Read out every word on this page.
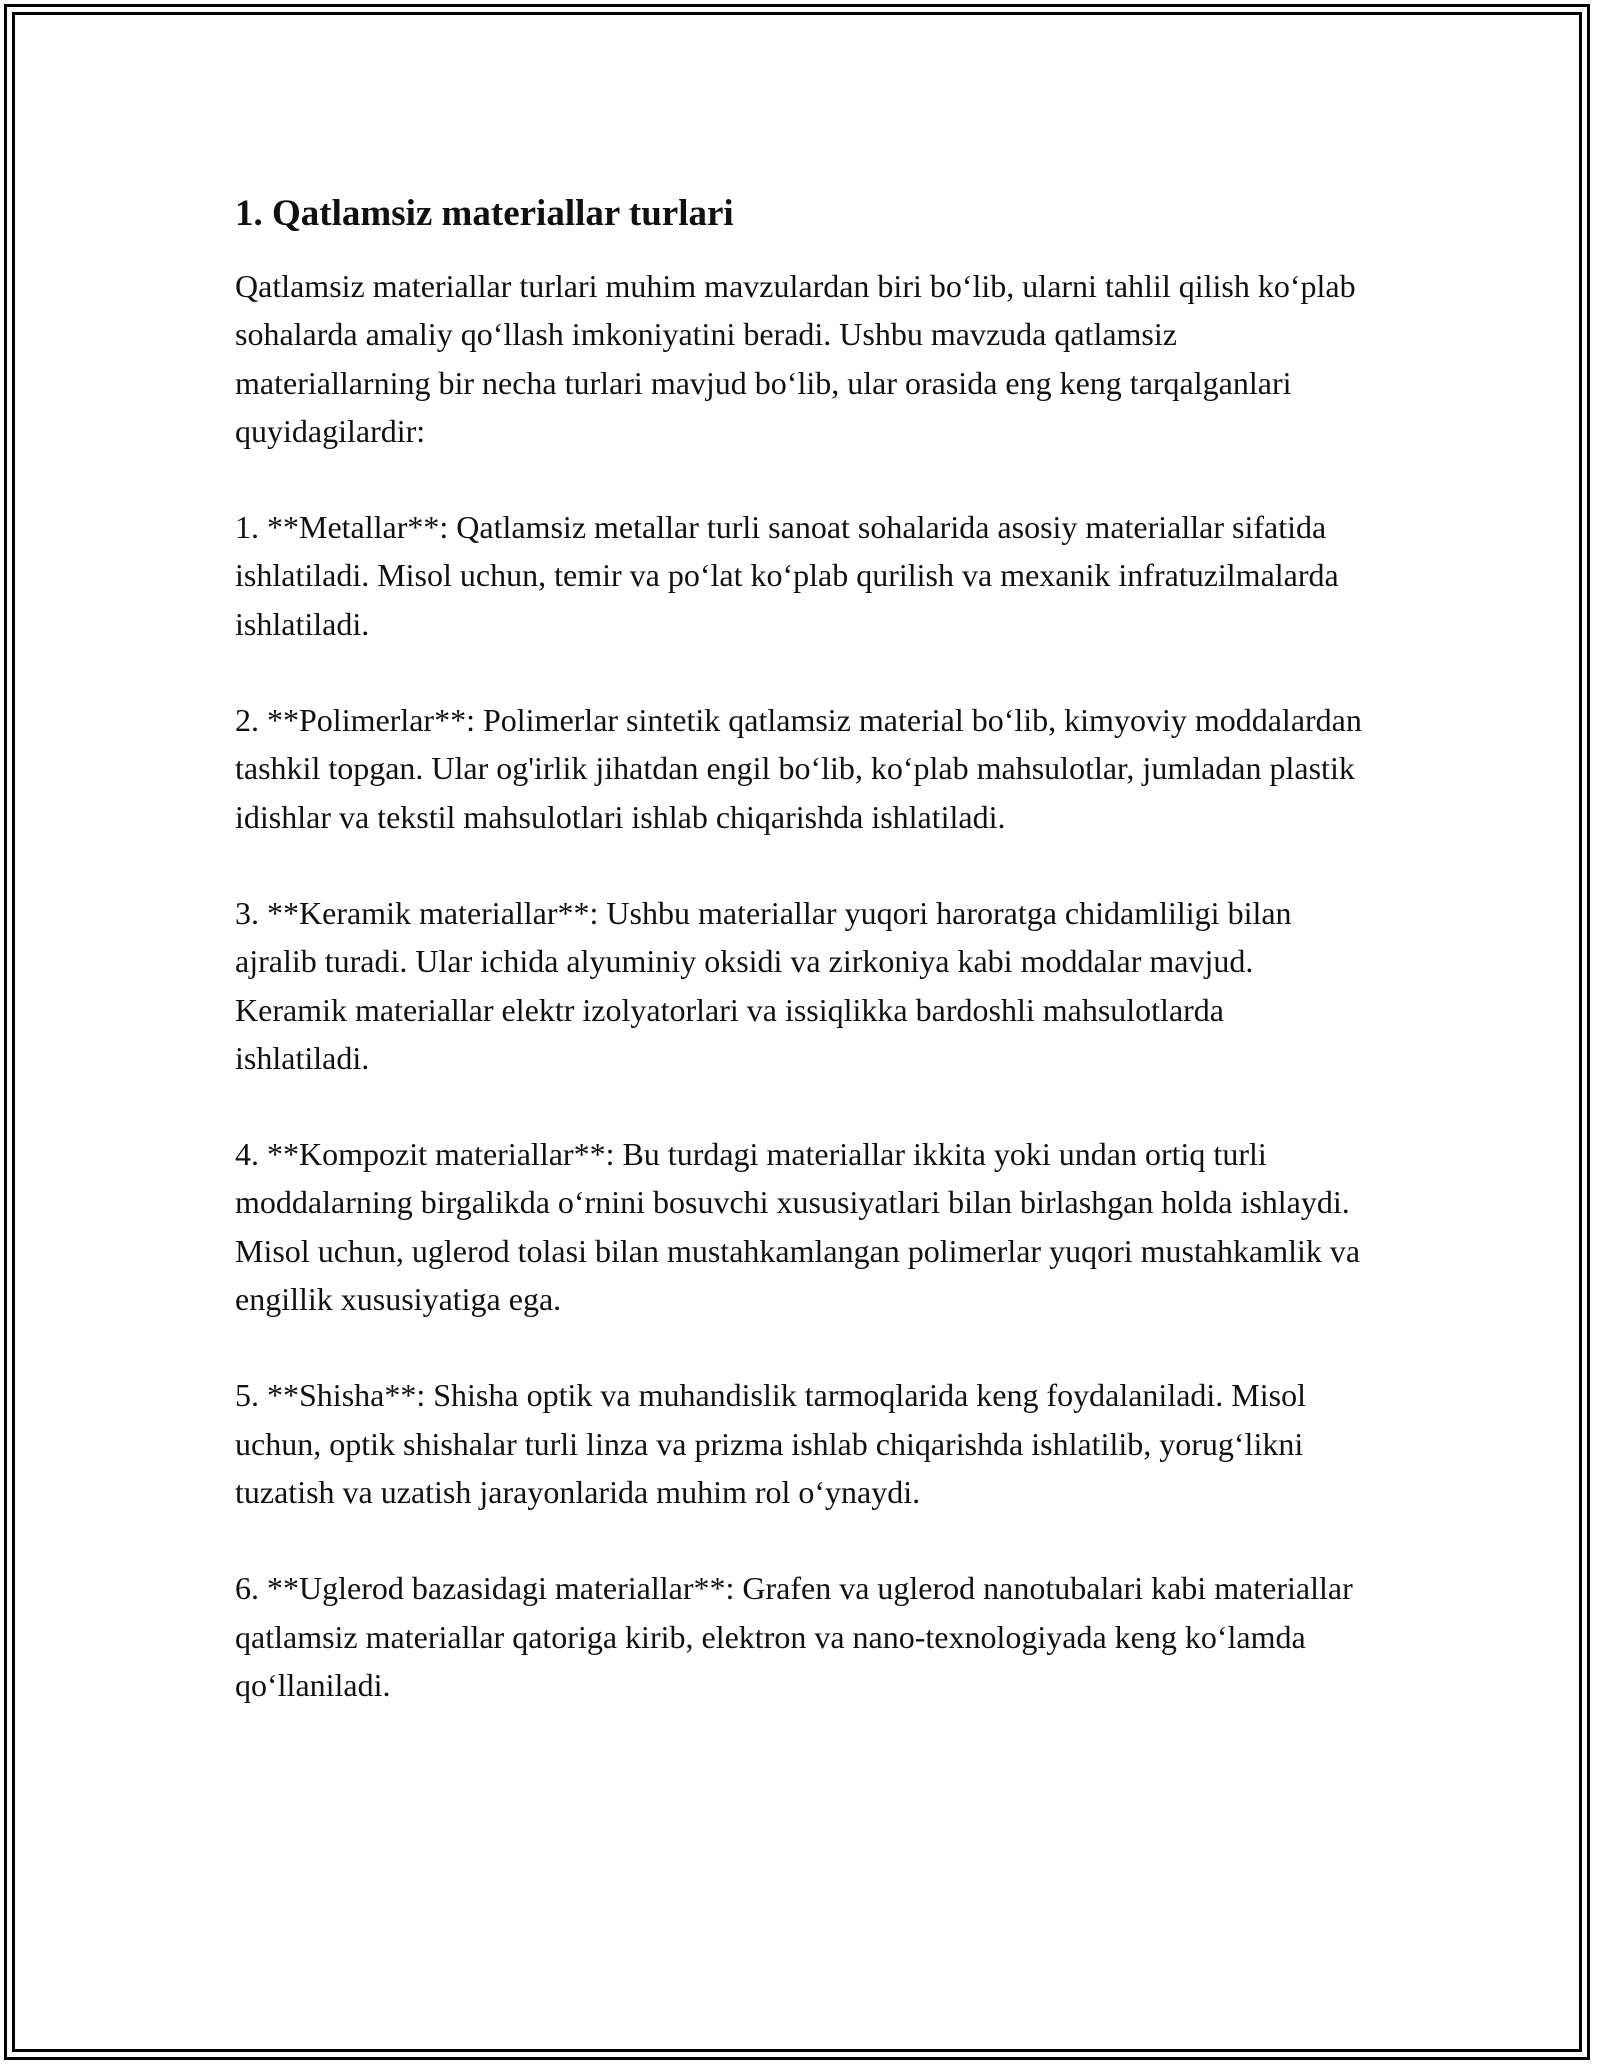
1. Qatlamsiz materiallar turlari

Qatlamsiz materiallar turlari muhim mavzulardan biri bo‘lib, ularni tahlil qilish ko‘plab sohalarda amaliy qo‘llash imkoniyatini beradi. Ushbu mavzuda qatlamsiz materiallarning bir necha turlari mavjud bo‘lib, ular orasida eng keng tarqalganlari quyidagilardir:

1. **Metallar**: Qatlamsiz metallar turli sanoat sohalarida asosiy materiallar sifatida ishlatiladi. Misol uchun, temir va po‘lat ko‘plab qurilish va mexanik infratuzilmalarda ishlatiladi.

2. **Polimerlar**: Polimerlar sintetik qatlamsiz material bo‘lib, kimyoviy moddalardan tashkil topgan. Ular og'irlik jihatdan engil bo‘lib, ko‘plab mahsulotlar, jumladan plastik idishlar va tekstil mahsulotlari ishlab chiqarishda ishlatiladi.

3. **Keramik materiallar**: Ushbu materiallar yuqori haroratga chidamliligi bilan ajralib turadi. Ular ichida alyuminiy oksidi va zirkoniya kabi moddalar mavjud. Keramik materiallar elektr izolyatorlari va issiqlikka bardoshli mahsulotlarda ishlatiladi.

4. **Kompozit materiallar**: Bu turdagi materiallar ikkita yoki undan ortiq turli moddalarning birgalikda o‘rnini bosuvchi xususiyatlari bilan birlashgan holda ishlaydi. Misol uchun, uglerod tolasi bilan mustahkamlangan polimerlar yuqori mustahkamlik va engillik xususiyatiga ega.

5. **Shisha**: Shisha optik va muhandislik tarmoqlarida keng foydalaniladi. Misol uchun, optik shishalar turli linza va prizma ishlab chiqarishda ishlatilib, yorug‘likni tuzatish va uzatish jarayonlarida muhim rol o‘ynaydi.

6. **Uglerod bazasidagi materiallar**: Grafen va uglerod nanotubalari kabi materiallar qatlamsiz materiallar qatoriga kirib, elektron va nano-texnologiyada keng ko‘lamda qo‘llaniladi.
